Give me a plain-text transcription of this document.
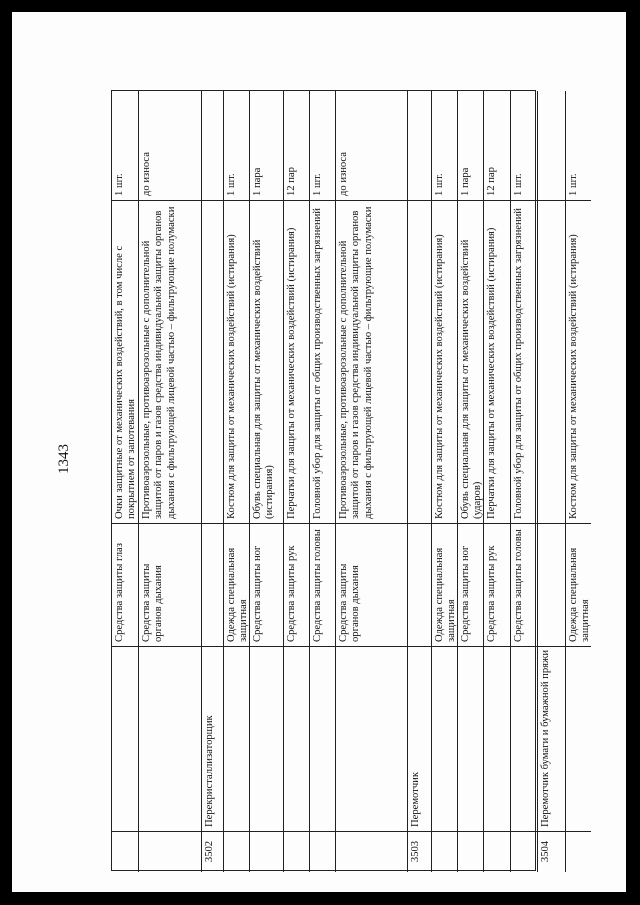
1343
Средства защиты глаз
Очки защитные от механических воздействий, в том числе с покрытием от запотевания
1 шт.
Средства защиты органов дыхания
Противоаэрозольные, противоаэрозольные с дополнительной защитой от паров и газов средства индивидуальной защиты органов дыхания с фильтрующей лицевой частью – фильтрующие полумаски
до износа
3502
Перекристаллизаторщик
Одежда специальная защитная
Костюм для защиты от механических воздействий (истирания)
1 шт.
Средства защиты ног
Обувь специальная для защиты от механических воздействий (истирания)
1 пара
Средства защиты рук
Перчатки для защиты от механических воздействий (истирания)
12 пар
Средства защиты головы
Головной убор для защиты от общих производственных загрязнений
1 шт.
Средства защиты органов дыхания
Противоаэрозольные, противоаэрозольные с дополнительной защитой от паров и газов средства индивидуальной защиты органов дыхания с фильтрующей лицевой частью – фильтрующие полумаски
до износа
3503
Перемотчик
Одежда специальная защитная
Костюм для защиты от механических воздействий (истирания)
1 шт.
Средства защиты ног
Обувь специальная для защиты от механических воздействий (ударов)
1 пара
Средства защиты рук
Перчатки для защиты от механических воздействий (истирания)
12 пар
Средства защиты головы
Головной убор для защиты от общих производственных загрязнений
1 шт.
3504
Перемотчик бумаги и бумажной пряжи
Одежда специальная защитная
Костюм для защиты от механических воздействий (истирания)
1 шт.
